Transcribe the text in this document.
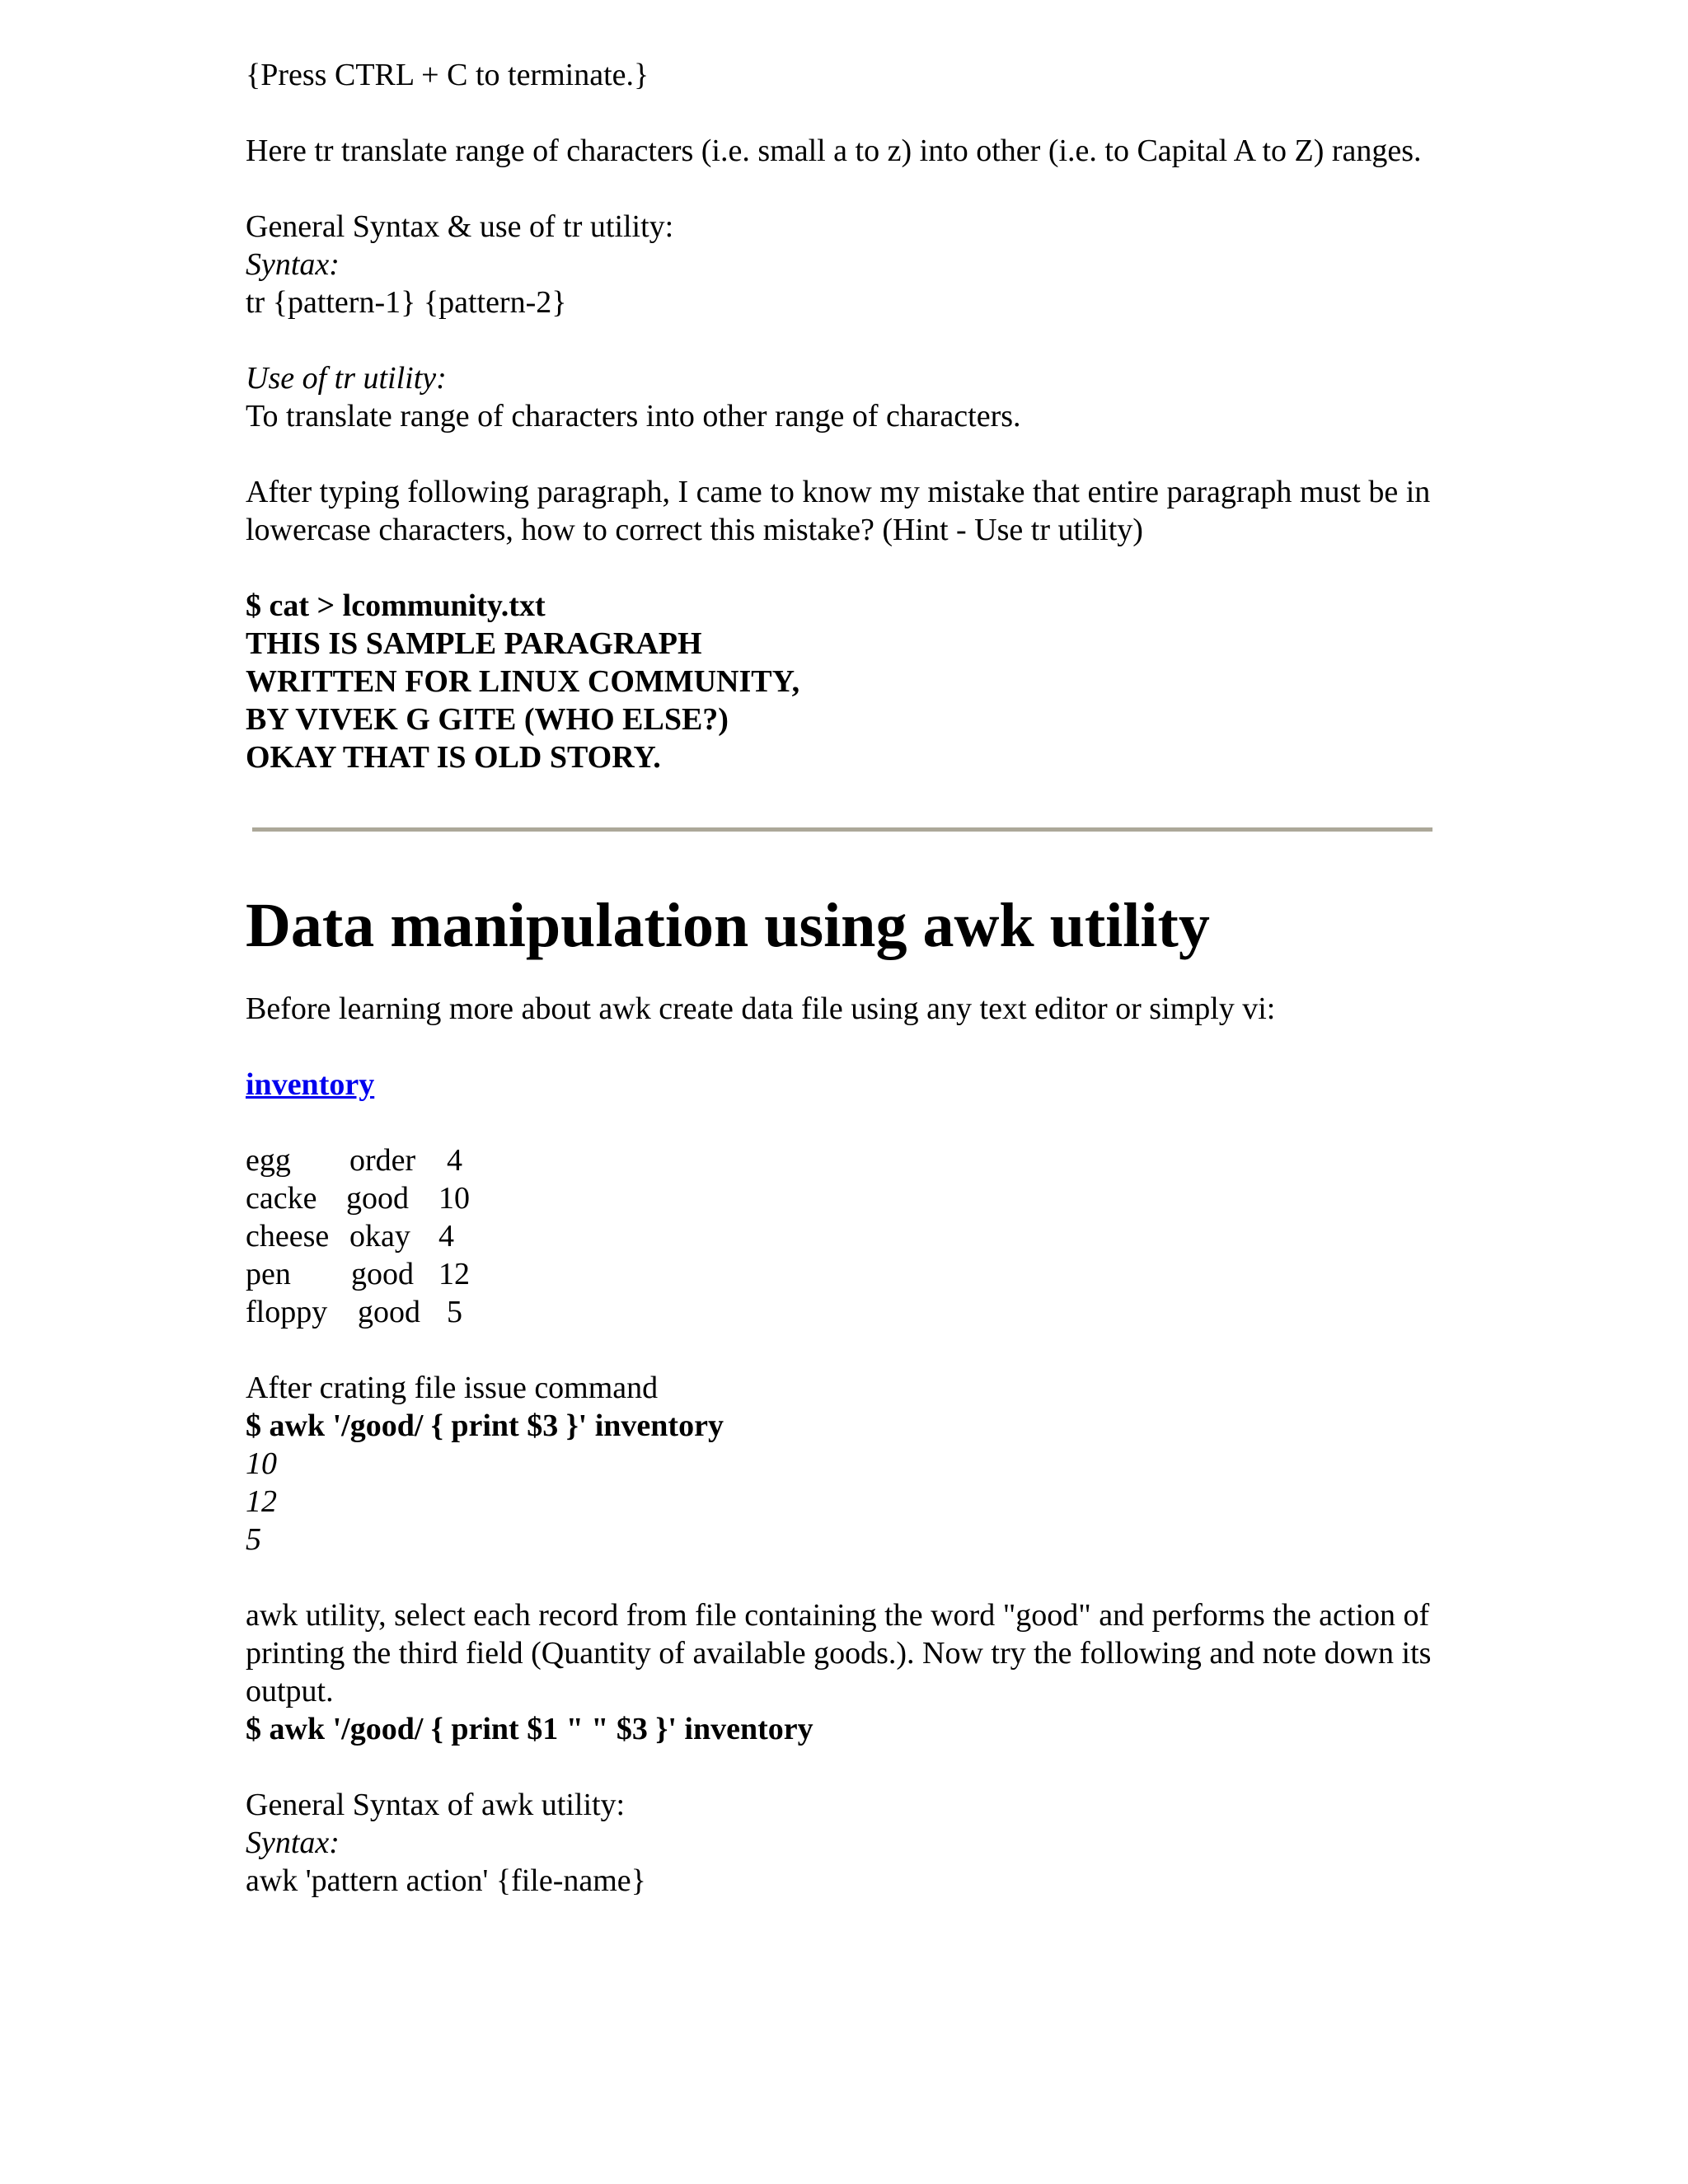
{Press CTRL + C to terminate.}

Here tr translate range of characters (i.e. small a to z) into other (i.e. to Capital A to Z) ranges.

General Syntax & use of tr utility:

Syntax:

tr {pattern-1} {pattern-2}

Use of tr utility:

To translate range of characters into other range of characters.

After typing following paragraph, I came to know my mistake that entire paragraph must be in lowercase characters, how to correct this mistake? (Hint - Use tr utility)

$ cat > lcommunity.txt

THIS IS SAMPLE PARAGRAPH

WRITTEN FOR LINUX COMMUNITY,

BY VIVEK G GITE (WHO ELSE?)

OKAY THAT IS OLD STORY.

Data manipulation using awk utility

Before learning more about awk create data file using any text editor or simply vi:

inventory

egg order 4
cacke good 10
cheese okay 4
pen good 12
floppy good 5

After crating file issue command

$ awk '/good/ { print $3 }' inventory

10

12

5

awk utility, select each record from file containing the word "good" and performs the action of printing the third field (Quantity of available goods.). Now try the following and note down its output.

$ awk '/good/ { print $1 " " $3 }' inventory

General Syntax of awk utility:

Syntax:

awk 'pattern action' {file-name}
